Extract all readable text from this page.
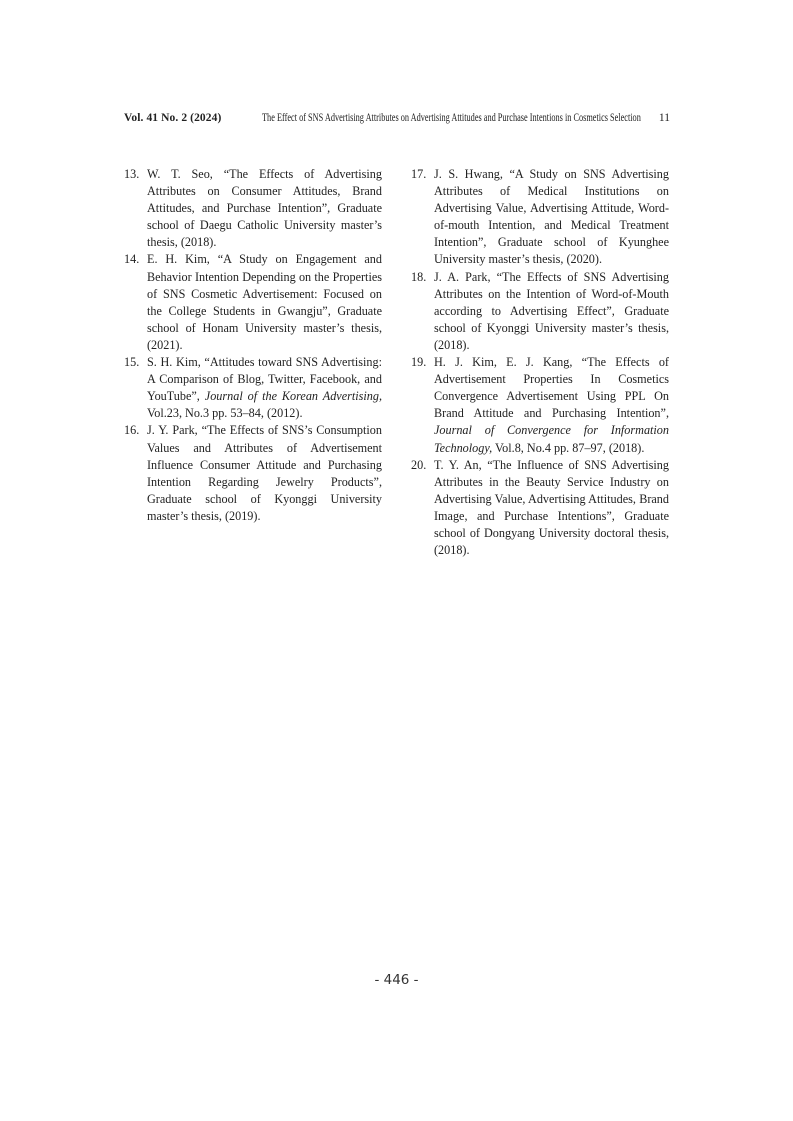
Vol. 41 No. 2 (2024)	The Effect of SNS Advertising Attributes on Advertising Attitudes and Purchase Intentions in Cosmetics Selection 11
13. W. T. Seo, “The Effects of Advertising Attributes on Consumer Attitudes, Brand Attitudes, and Purchase Intention”, Graduate school of Daegu Catholic University master’s thesis, (2018).
14. E. H. Kim, “A Study on Engagement and Behavior Intention Depending on the Properties of SNS Cosmetic Advertisement: Focused on the College Students in Gwangju”, Graduate school of Honam University master’s thesis, (2021).
15. S. H. Kim, “Attitudes toward SNS Advertising: A Comparison of Blog, Twitter, Facebook, and YouTube”, Journal of the Korean Advertising, Vol.23, No.3 pp. 53–84, (2012).
16. J. Y. Park, “The Effects of SNS’s Consumption Values and Attributes of Advertisement Influence Consumer Attitude and Purchasing Intention Regarding Jewelry Products”, Graduate school of Kyonggi University master’s thesis, (2019).
17. J. S. Hwang, “A Study on SNS Advertising Attributes of Medical Institutions on Advertising Value, Advertising Attitude, Word-of-mouth Intention, and Medical Treatment Intention”, Graduate school of Kyunghee University master’s thesis, (2020).
18. J. A. Park, “The Effects of SNS Advertising Attributes on the Intention of Word-of-Mouth according to Advertising Effect”, Graduate school of Kyonggi University master’s thesis, (2018).
19. H. J. Kim, E. J. Kang, “The Effects of Advertisement Properties In Cosmetics Convergence Advertisement Using PPL On Brand Attitude and Purchasing Intention”, Journal of Convergence for Information Technology, Vol.8, No.4 pp. 87–97, (2018).
20. T. Y. An, “The Influence of SNS Advertising Attributes in the Beauty Service Industry on Advertising Value, Advertising Attitudes, Brand Image, and Purchase Intentions”, Graduate school of Dongyang University doctoral thesis, (2018).
- 446 -
